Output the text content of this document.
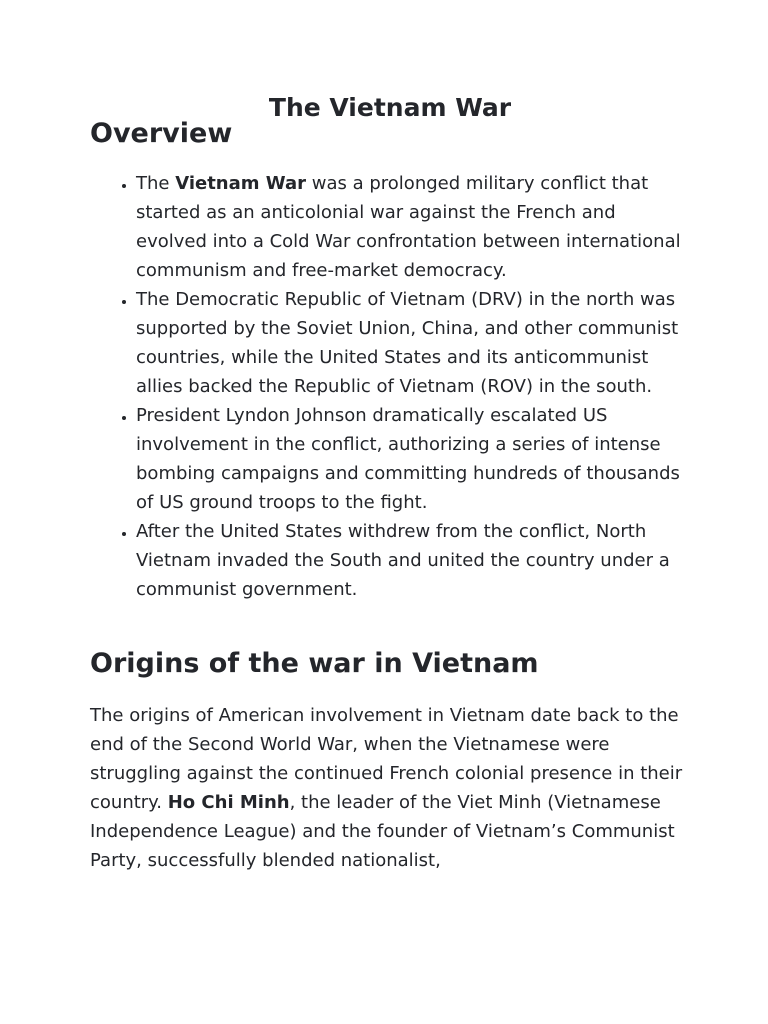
The Vietnam War
Overview
• The Vietnam War was a prolonged military conflict that started as an anticolonial war against the French and evolved into a Cold War confrontation between international communism and free-market democracy.
• The Democratic Republic of Vietnam (DRV) in the north was supported by the Soviet Union, China, and other communist countries, while the United States and its anticommunist allies backed the Republic of Vietnam (ROV) in the south.
• President Lyndon Johnson dramatically escalated US involvement in the conflict, authorizing a series of intense bombing campaigns and committing hundreds of thousands of US ground troops to the fight.
• After the United States withdrew from the conflict, North Vietnam invaded the South and united the country under a communist government.
Origins of the war in Vietnam

The origins of American involvement in Vietnam date back to the end of the Second World War, when the Vietnamese were struggling against the continued French colonial presence in their country. Ho Chi Minh, the leader of the Viet Minh (Vietnamese Independence League) and the founder of Vietnam’s Communist Party, successfully blended nationalist,
